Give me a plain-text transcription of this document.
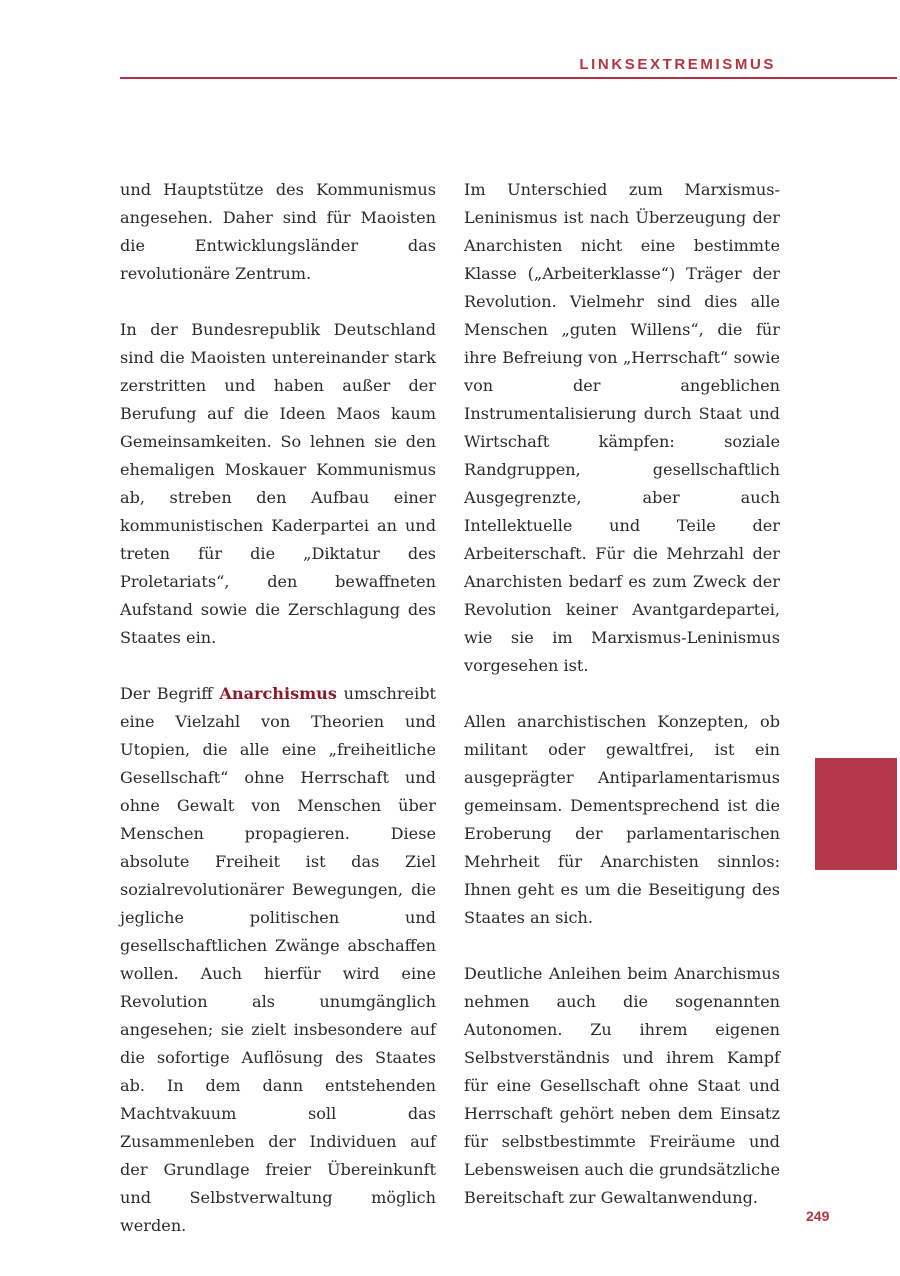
LINKSEXTREMISMUS

und Hauptstütze des Kommunismus angesehen. Daher sind für Maoisten die Entwicklungsländer das revolutionäre Zentrum.

In der Bundesrepublik Deutschland sind die Maoisten untereinander stark zerstritten und haben außer der Berufung auf die Ideen Maos kaum Gemeinsamkeiten. So lehnen sie den ehemaligen Moskauer Kommunismus ab, streben den Aufbau einer kommunistischen Kaderpartei an und treten für die „Diktatur des Proletariats“, den bewaffneten Aufstand sowie die Zerschlagung des Staates ein.

Der Begriff Anarchismus umschreibt eine Vielzahl von Theorien und Utopien, die alle eine „freiheitliche Gesellschaft“ ohne Herrschaft und ohne Gewalt von Menschen über Menschen propagieren. Diese absolute Freiheit ist das Ziel sozialrevolutionärer Bewegungen, die jegliche politischen und gesellschaftlichen Zwänge abschaffen wollen. Auch hierfür wird eine Revolution als unumgänglich angesehen; sie zielt insbesondere auf die sofortige Auflösung des Staates ab. In dem dann entstehenden Machtvakuum soll das Zusammenleben der Individuen auf der Grundlage freier Übereinkunft und Selbstverwaltung möglich werden.

Im Unterschied zum Marxismus-Leninismus ist nach Überzeugung der Anarchisten nicht eine bestimmte Klasse („Arbeiterklasse“) Träger der Revolution. Vielmehr sind dies alle Menschen „guten Willens“, die für ihre Befreiung von „Herrschaft“ sowie von der angeblichen Instrumentalisierung durch Staat und Wirtschaft kämpfen: soziale Randgruppen, gesellschaftlich Ausgegrenzte, aber auch Intellektuelle und Teile der Arbeiterschaft. Für die Mehrzahl der Anarchisten bedarf es zum Zweck der Revolution keiner Avantgardepartei, wie sie im Marxismus-Leninismus vorgesehen ist.

Allen anarchistischen Konzepten, ob militant oder gewaltfrei, ist ein ausgeprägter Antiparlamentarismus gemeinsam. Dementsprechend ist die Eroberung der parlamentarischen Mehrheit für Anarchisten sinnlos: Ihnen geht es um die Beseitigung des Staates an sich.

Deutliche Anleihen beim Anarchismus nehmen auch die sogenannten Autonomen. Zu ihrem eigenen Selbstverständnis und ihrem Kampf für eine Gesellschaft ohne Staat und Herrschaft gehört neben dem Einsatz für selbstbestimmte Freiräume und Lebensweisen auch die grundsätzliche Bereitschaft zur Gewaltanwendung.

249
